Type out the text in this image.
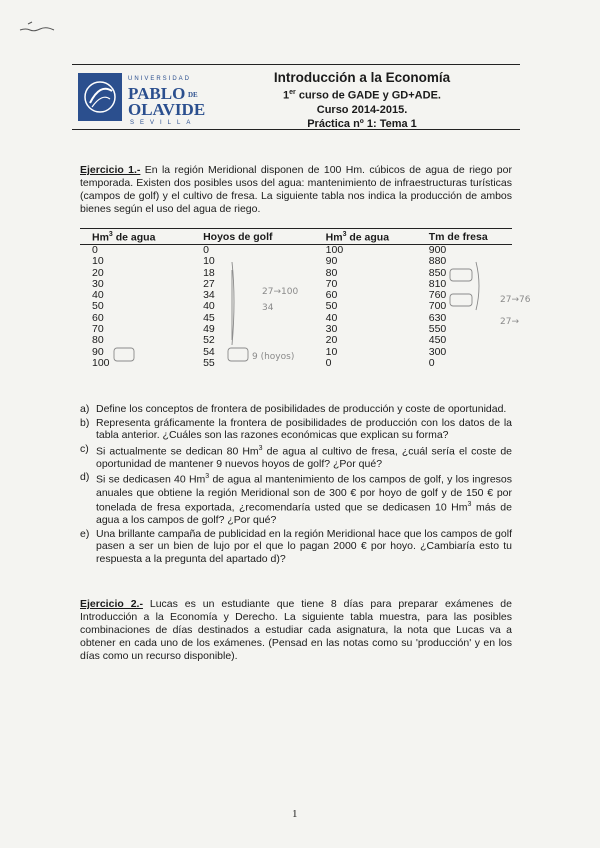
UNIVERSIDAD
PABLO DE
OLAVIDE
SEVILLA
Introducción a la Economía
1er curso de GADE y GD+ADE.
Curso 2014-2015.
Práctica nº 1: Tema 1
Ejercicio 1.- En la región Meridional disponen de 100 Hm. cúbicos de agua de riego por temporada. Existen dos posibles usos del agua: mantenimiento de infraestructuras turísticas (campos de golf) y el cultivo de fresa. La siguiente tabla nos indica la producción de ambos bienes según el uso del agua de riego.
Hm$^3$ de agua	Hoyos de golf	Hm$^3$ de agua	Tm de fresa
0	0	100	900
10	10	90	880
20	18	80	850
30	27	70	810
40	34	60	760
50	40	50	700
60	45	40	630
70	49	30	550
80	52	20	450
90	54	10	300
100	55	0	0
a) Define los conceptos de frontera de posibilidades de producción y coste de oportunidad.
b) Representa gráficamente la frontera de posibilidades de producción con los datos de la tabla anterior. ¿Cuáles son las razones económicas que explican su forma?
c) Si actualmente se dedican 80 Hm$^3$ de agua al cultivo de fresa, ¿cuál sería el coste de oportunidad de mantener 9 nuevos hoyos de golf? ¿Por qué?
d) Si se dedicasen 40 Hm$^3$ de agua al mantenimiento de los campos de golf, y los ingresos anuales que obtiene la región Meridional son de 300 € por hoyo de golf y de 150 € por tonelada de fresa exportada, ¿recomendaría usted que se dedicasen 10 Hm$^3$ más de agua a los campos de golf? ¿Por qué?
e) Una brillante campaña de publicidad en la región Meridional hace que los campos de golf pasen a ser un bien de lujo por el que lo pagan 2000 € por hoyo. ¿Cambiaría esto tu respuesta a la pregunta del apartado d)?
Ejercicio 2.- Lucas es un estudiante que tiene 8 días para preparar exámenes de Introducción a la Economía y Derecho. La siguiente tabla muestra, para las posibles combinaciones de días destinados a estudiar cada asignatura, la nota que Lucas va a obtener en cada uno de los exámenes. (Pensad en las notas como su 'producción' y en los días como un recurso disponible).
27→100
34
9 (hoyos)
27→76
27→
1
